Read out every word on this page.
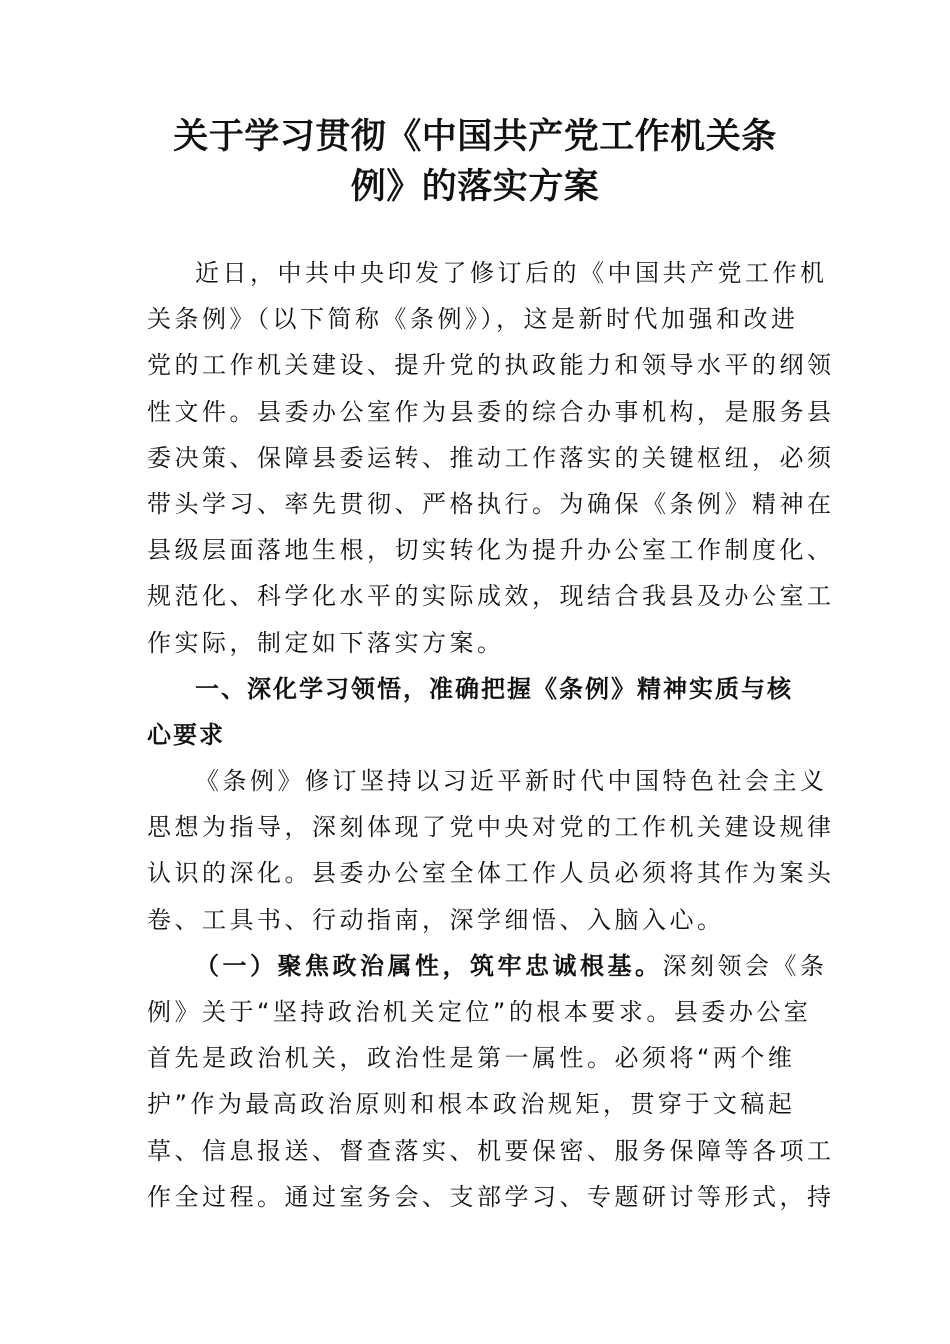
关于学习贯彻《中国共产党工作机关条
例》的落实方案
近日，中共中央印发了修订后的《中国共产党工作机
关条例》（以下简称《条例》），这是新时代加强和改进
党的工作机关建设、提升党的执政能力和领导水平的纲领
性文件。县委办公室作为县委的综合办事机构，是服务县
委决策、保障县委运转、推动工作落实的关键枢纽，必须
带头学习、率先贯彻、严格执行。为确保《条例》精神在
县级层面落地生根，切实转化为提升办公室工作制度化、
规范化、科学化水平的实际成效，现结合我县及办公室工
作实际，制定如下落实方案。
一、深化学习领悟，准确把握《条例》精神实质与核
心要求
《条例》修订坚持以习近平新时代中国特色社会主义
思想为指导，深刻体现了党中央对党的工作机关建设规律
认识的深化。县委办公室全体工作人员必须将其作为案头
卷、工具书、行动指南，深学细悟、入脑入心。
（一）聚焦政治属性，筑牢忠诚根基。深刻领会《条
例》关于“坚持政治机关定位”的根本要求。县委办公室
首先是政治机关，政治性是第一属性。必须将“两个维
护”作为最高政治原则和根本政治规矩，贯穿于文稿起
草、信息报送、督查落实、机要保密、服务保障等各项工
作全过程。通过室务会、支部学习、专题研讨等形式，持
